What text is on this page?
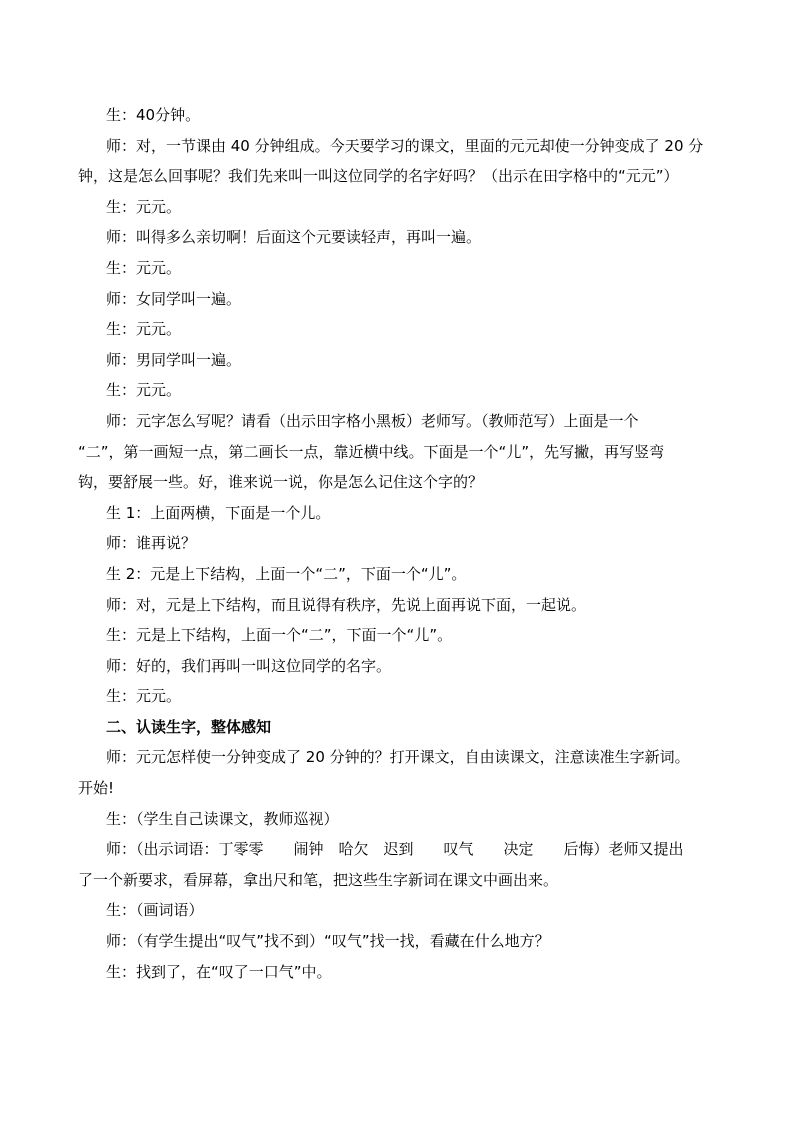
生：40分钟。

师：对，一节课由 40 分钟组成。今天要学习的课文，里面的元元却使一分钟变成了 20 分

钟，这是怎么回事呢？我们先来叫一叫这位同学的名字好吗？（出示在田字格中的“元元”）

生：元元。

师：叫得多么亲切啊！后面这个元要读轻声，再叫一遍。

生：元元。

师：女同学叫一遍。

生：元元。

师：男同学叫一遍。

生：元元。

师：元字怎么写呢？请看（出示田字格小黑板）老师写。（教师范写）上面是一个

“二”，第一画短一点，第二画长一点，靠近横中线。下面是一个“儿”，先写撇，再写竖弯

钩，要舒展一些。好，谁来说一说，你是怎么记住这个字的？

生 1：上面两横，下面是一个儿。

师：谁再说？

生 2：元是上下结构，上面一个“二”，下面一个“儿”。

师：对，元是上下结构，而且说得有秩序，先说上面再说下面，一起说。

生：元是上下结构，上面一个“二”，下面一个“儿”。

师：好的，我们再叫一叫这位同学的名字。

生：元元。

二、认读生字，整体感知

师：元元怎样使一分钟变成了 20 分钟的？打开课文，自由读课文，注意读准生字新词。

开始!

生：（学生自己读课文，教师巡视）

师：（出示词语：丁零零　　闹钟　哈欠　迟到　　叹气　　决定　　后悔）老师又提出

了一个新要求，看屏幕，拿出尺和笔，把这些生字新词在课文中画出来。

生：（画词语）

师：（有学生提出“叹气”找不到）“叹气”找一找，看藏在什么地方？

生：找到了，在“叹了一口气”中。
